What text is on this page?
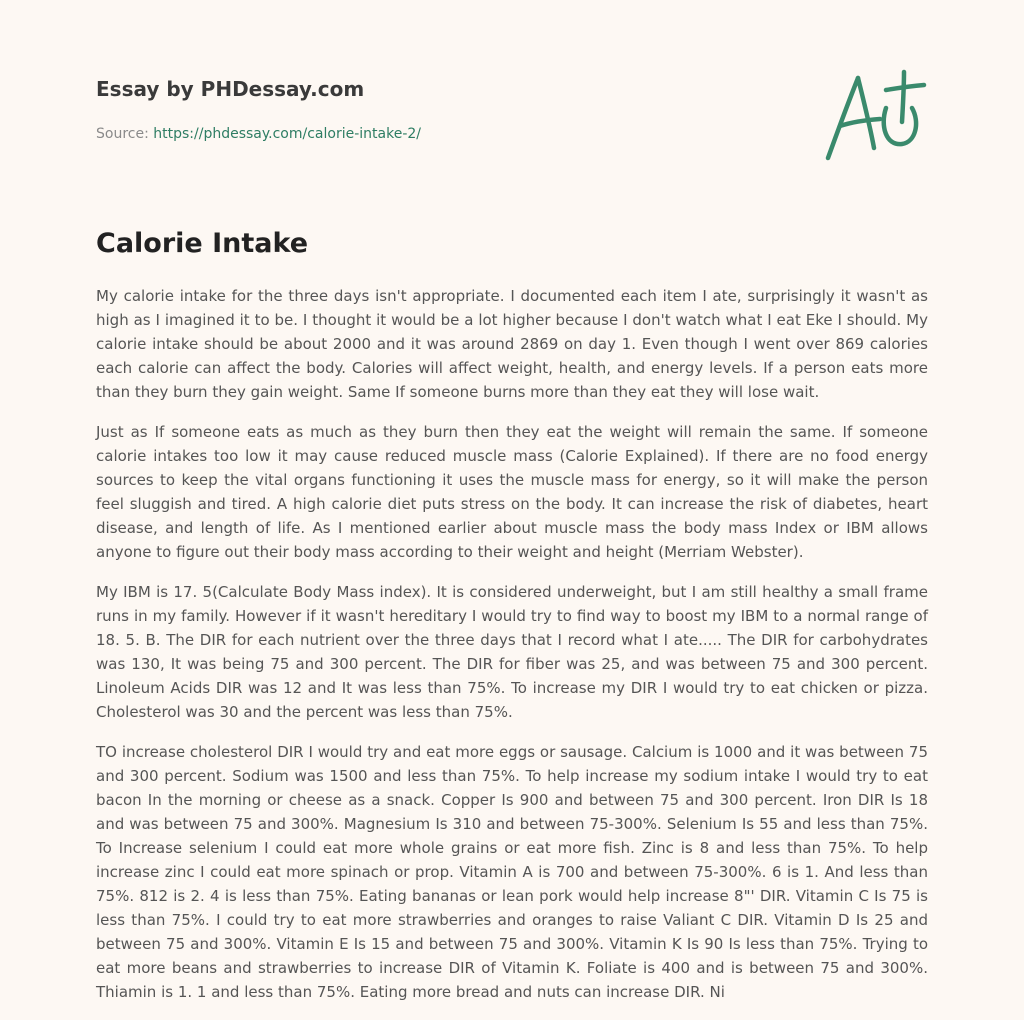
Essay by PHDessay.com
Source: https://phdessay.com/calorie-intake-2/
Calorie Intake

My calorie intake for the three days isn't appropriate. I documented each item I ate, surprisingly it wasn't as high as I imagined it to be. I thought it would be a lot higher because I don't watch what I eat Eke I should. My calorie intake should be about 2000 and it was around 2869 on day 1. Even though I went over 869 calories each calorie can affect the body. Calories will affect weight, health, and energy levels. If a person eats more than they burn they gain weight. Same If someone burns more than they eat they will lose wait.

Just as If someone eats as much as they burn then they eat the weight will remain the same. If someone calorie intakes too low it may cause reduced muscle mass (Calorie Explained). If there are no food energy sources to keep the vital organs functioning it uses the muscle mass for energy, so it will make the person feel sluggish and tired. A high calorie diet puts stress on the body. It can increase the risk of diabetes, heart disease, and length of life. As I mentioned earlier about muscle mass the body mass Index or IBM allows anyone to figure out their body mass according to their weight and height (Merriam Webster).

My IBM is 17. 5(Calculate Body Mass index). It is considered underweight, but I am still healthy a small frame runs in my family. However if it wasn't hereditary I would try to find way to boost my IBM to a normal range of 18. 5. B. The DIR for each nutrient over the three days that I record what I ate..... The DIR for carbohydrates was 130, It was being 75 and 300 percent. The DIR for fiber was 25, and was between 75 and 300 percent. Linoleum Acids DIR was 12 and It was less than 75%. To increase my DIR I would try to eat chicken or pizza. Cholesterol was 30 and the percent was less than 75%.

TO increase cholesterol DIR I would try and eat more eggs or sausage. Calcium is 1000 and it was between 75 and 300 percent. Sodium was 1500 and less than 75%. To help increase my sodium intake I would try to eat bacon In the morning or cheese as a snack. Copper Is 900 and between 75 and 300 percent. Iron DIR Is 18 and was between 75 and 300%. Magnesium Is 310 and between 75-300%. Selenium Is 55 and less than 75%. To Increase selenium I could eat more whole grains or eat more fish. Zinc is 8 and less than 75%. To help increase zinc I could eat more spinach or prop. Vitamin A is 700 and between 75-300%. 6 is 1. And less than 75%. 812 is 2. 4 is less than 75%. Eating bananas or lean pork would help increase 8"' DIR. Vitamin C Is 75 is less than 75%. I could try to eat more strawberries and oranges to raise Valiant C DIR. Vitamin D Is 25 and between 75 and 300%. Vitamin E Is 15 and between 75 and 300%. Vitamin K Is 90 Is less than 75%. Trying to eat more beans and strawberries to increase DIR of Vitamin K. Foliate is 400 and is between 75 and 300%. Thiamin is 1. 1 and less than 75%. Eating more bread and nuts can increase DIR. Ni
